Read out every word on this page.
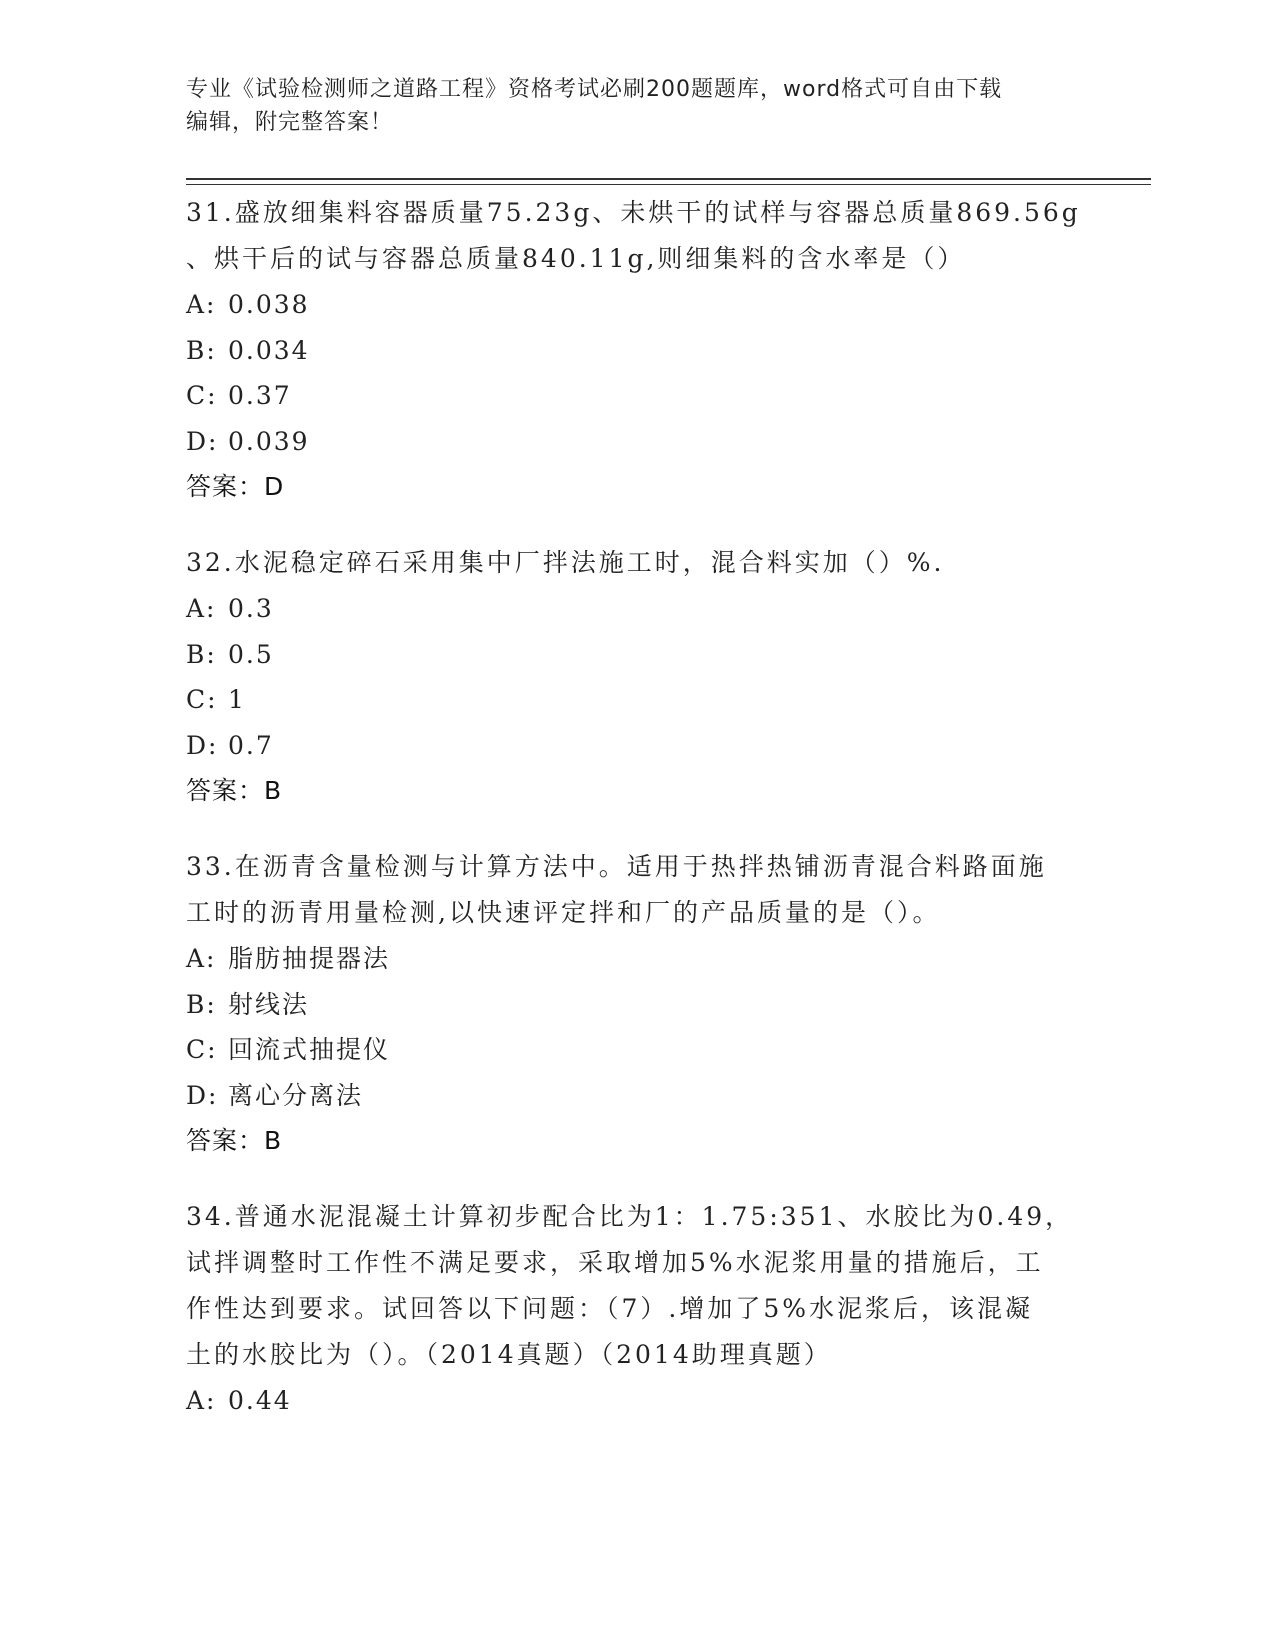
专业《试验检测师之道路工程》资格考试必刷200题题库，word格式可自由下载
编辑，附完整答案！
31.盛放细集料容器质量75.23g、未烘干的试样与容器总质量869.56g
、烘干后的试与容器总质量840.11g,则细集料的含水率是（）
A: 0.038
B: 0.034
C: 0.37
D: 0.039
答案：D
32.水泥稳定碎石采用集中厂拌法施工时，混合料实加（）%.
A: 0.3
B: 0.5
C: 1
D: 0.7
答案：B
33.在沥青含量检测与计算方法中。适用于热拌热铺沥青混合料路面施
工时的沥青用量检测,以快速评定拌和厂的产品质量的是（）。
A: 脂肪抽提器法
B: 射线法
C: 回流式抽提仪
D: 离心分离法
答案：B
34.普通水泥混凝土计算初步配合比为1：1.75:351、水胶比为0.49，
试拌调整时工作性不满足要求，采取增加5%水泥浆用量的措施后，工
作性达到要求。试回答以下问题：（7）.增加了5%水泥浆后，该混凝
土的水胶比为（）。（2014真题）（2014助理真题）
A: 0.44
